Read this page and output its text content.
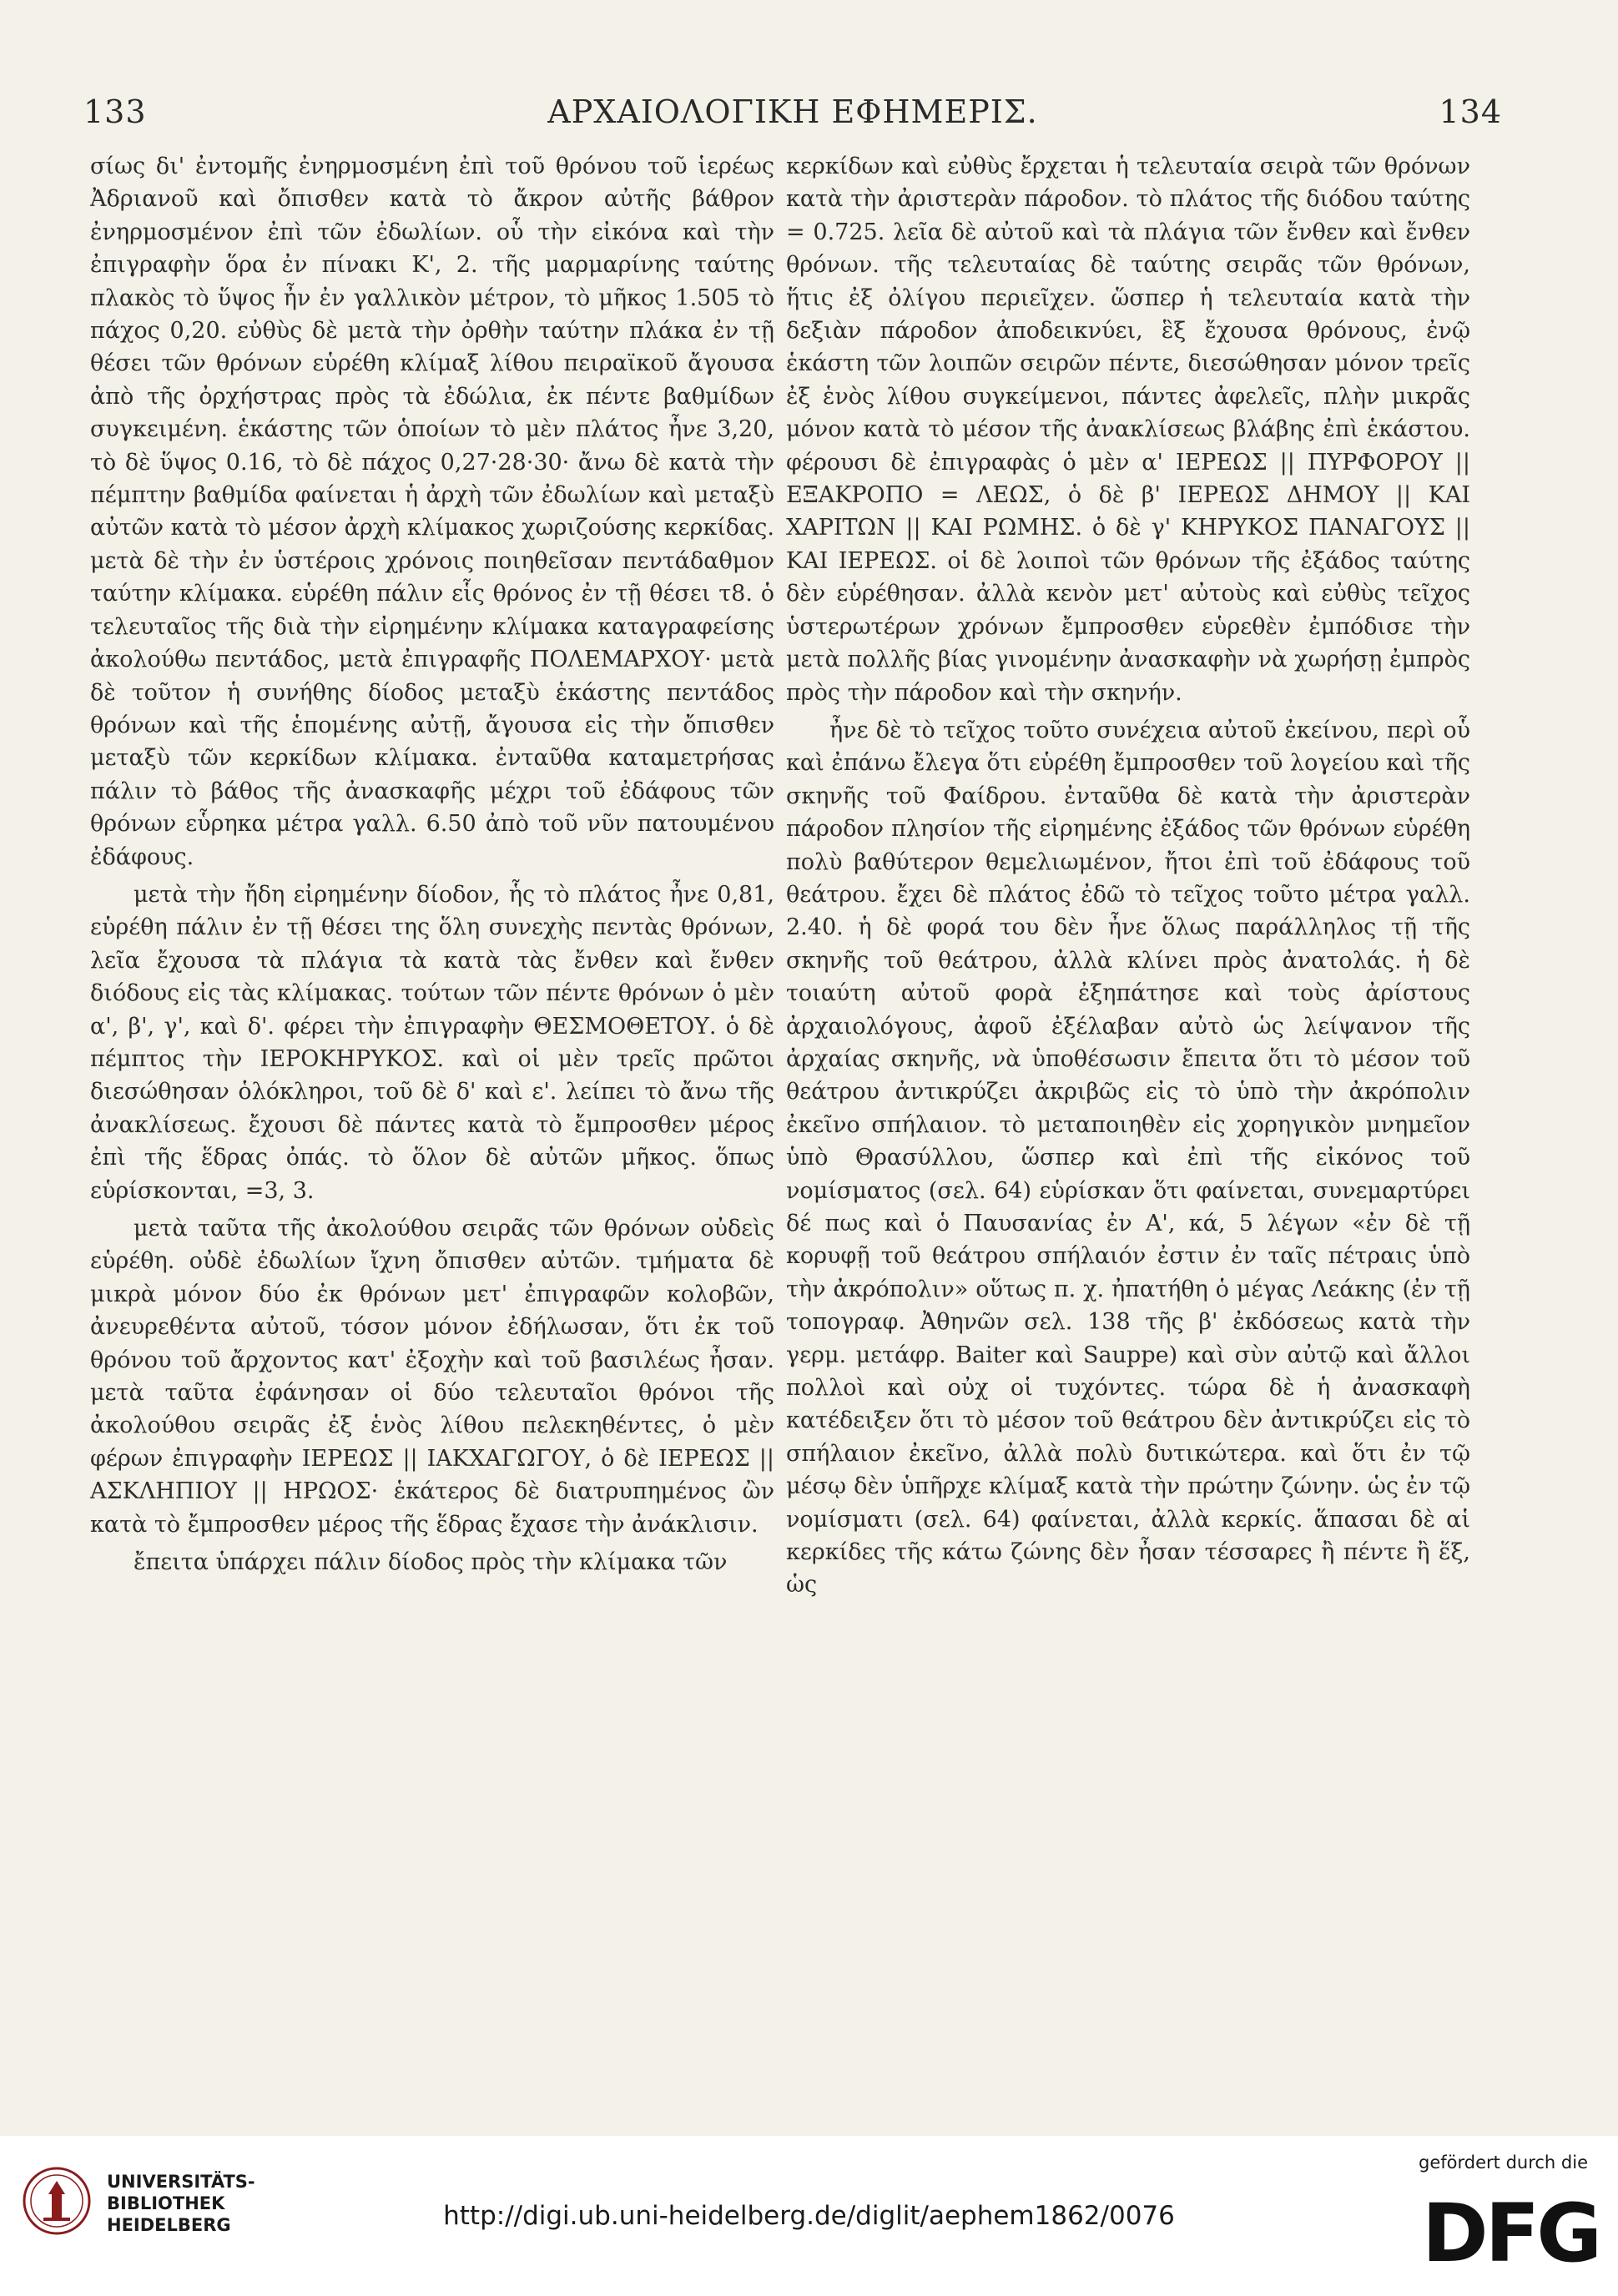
133	ΑΡΧΑΙΟΛΟΓΙΚΗ ΕΦΗΜΕΡΙΣ.	134

σίως δι' ἐντομῆς ἐνηρμοσμένη ἐπὶ τοῦ θρόνου τοῦ ἱερέως Ἀδριανοῦ καὶ ὄπισθεν κατὰ τὸ ἄκρον αὐτῆς βάθρον ἐνηρμοσμένον ἐπὶ τῶν ἐδωλίων. οὗ τὴν εἰκόνα καὶ τὴν ἐπιγραφὴν ὅρα ἐν πίνακι Κ', 2. τῆς μαρμαρίνης ταύτης πλακὸς τὸ ὕψος ἦν ἐν γαλλικὸν μέτρον, τὸ μῆκος 1.505 τὸ πάχος 0,20. εὐθὺς δὲ μετὰ τὴν ὀρθὴν ταύτην πλάκα ἐν τῇ θέσει τῶν θρόνων εὑρέθη κλίμαξ λίθου πειραϊκοῦ ἄγουσα ἀπὸ τῆς ὀρχήστρας πρὸς τὰ ἐδώλια, ἐκ πέντε βαθμίδων συγκειμένη. ἑκάστης τῶν ὁποίων τὸ μὲν πλάτος ἦνε 3,20, τὸ δὲ ὕψος 0.16, τὸ δὲ πάχος 0,27·28·30· ἄνω δὲ κατὰ τὴν πέμπτην βαθμίδα φαίνεται ἡ ἀρχὴ τῶν ἐδωλίων καὶ μεταξὺ αὐτῶν κατὰ τὸ μέσον ἀρχὴ κλίμακος χωριζούσης κερκίδας. μετὰ δὲ τὴν ἐν ὑστέροις χρόνοις ποιηθεῖσαν πεντάδαθμον ταύτην κλίμακα. εὑρέθη πάλιν εἷς θρόνος ἐν τῇ θέσει τ8. ὁ τελευταῖος τῆς διὰ τὴν εἰρημένην κλίμακα καταγραφείσης ἀκολούθω πεντάδος, μετὰ ἐπιγραφῆς ΠΟΛΕΜΑΡΧΟΥ· μετὰ δὲ τοῦτον ἡ συνήθης δίοδος μεταξὺ ἑκάστης πεντάδος θρόνων καὶ τῆς ἑπομένης αὐτῇ, ἄγουσα εἰς τὴν ὄπισθεν μεταξὺ τῶν κερκίδων κλίμακα. ἐνταῦθα καταμετρήσας πάλιν τὸ βάθος τῆς ἀνασκαφῆς μέχρι τοῦ ἐδάφους τῶν θρόνων εὗρηκα μέτρα γαλλ. 6.50 ἀπὸ τοῦ νῦν πατουμένου ἐδάφους.

μετὰ τὴν ἤδη εἰρημένην δίοδον, ἧς τὸ πλάτος ἦνε 0,81, εὑρέθη πάλιν ἐν τῇ θέσει της ὅλη συνεχὴς πεντὰς θρόνων, λεῖα ἔχουσα τὰ πλάγια τὰ κατὰ τὰς ἔνθεν καὶ ἔνθεν διόδους εἰς τὰς κλίμακας. τούτων τῶν πέντε θρόνων ὁ μὲν α', β', γ', καὶ δ'. φέρει τὴν ἐπιγραφὴν ΘΕΣΜΟΘΕΤΟΥ. ὁ δὲ πέμπτος τὴν ΙΕΡΟΚΗΡΥΚΟΣ. καὶ οἱ μὲν τρεῖς πρῶτοι διεσώθησαν ὁλόκληροι, τοῦ δὲ δ' καὶ ε'. λείπει τὸ ἄνω τῆς ἀνακλίσεως. ἔχουσι δὲ πάντες κατὰ τὸ ἔμπροσθεν μέρος ἐπὶ τῆς ἕδρας ὀπάς. τὸ ὅλον δὲ αὐτῶν μῆκος. ὅπως εὑρίσκονται, =3, 3.

μετὰ ταῦτα τῆς ἀκολούθου σειρᾶς τῶν θρόνων οὐδεὶς εὑρέθη. οὐδὲ ἐδωλίων ἴχνη ὄπισθεν αὐτῶν. τμήματα δὲ μικρὰ μόνον δύο ἐκ θρόνων μετ' ἐπιγραφῶν κολοβῶν, ἀνευρεθέντα αὐτοῦ, τόσον μόνον ἐδήλωσαν, ὅτι ἐκ τοῦ θρόνου τοῦ ἄρχοντος κατ' ἐξοχὴν καὶ τοῦ βασιλέως ἦσαν. μετὰ ταῦτα ἐφάνησαν οἱ δύο τελευταῖοι θρόνοι τῆς ἀκολούθου σειρᾶς ἐξ ἑνὸς λίθου πελεκηθέντες, ὁ μὲν φέρων ἐπιγραφὴν ΙΕΡΕΩΣ || ΙΑΚΧΑΓΩΓΟΥ, ὁ δὲ ΙΕΡΕΩΣ || ΑΣΚΛΗΠΙΟΥ || ΗΡΩΟΣ· ἑκάτερος δὲ διατρυπημένος ὢν κατὰ τὸ ἔμπροσθεν μέρος τῆς ἕδρας ἔχασε τὴν ἀνάκλισιν.

ἔπειτα ὑπάρχει πάλιν δίοδος πρὸς τὴν κλίμακα τῶν

κερκίδων καὶ εὐθὺς ἔρχεται ἡ τελευταία σειρὰ τῶν θρόνων κατὰ τὴν ἀριστερὰν πάροδον. τὸ πλάτος τῆς διόδου ταύτης = 0.725. λεῖα δὲ αὐτοῦ καὶ τὰ πλάγια τῶν ἔνθεν καὶ ἔνθεν θρόνων. τῆς τελευταίας δὲ ταύτης σειρᾶς τῶν θρόνων, ἥτις ἐξ ὀλίγου περιεῖχεν. ὥσπερ ἡ τελευταία κατὰ τὴν δεξιὰν πάροδον ἀποδεικνύει, ἓξ ἔχουσα θρόνους, ἐνῷ ἑκάστη τῶν λοιπῶν σειρῶν πέντε, διεσώθησαν μόνον τρεῖς ἐξ ἑνὸς λίθου συγκείμενοι, πάντες ἀφελεῖς, πλὴν μικρᾶς μόνον κατὰ τὸ μέσον τῆς ἀνακλίσεως βλάβης ἐπὶ ἑκάστου. φέρουσι δὲ ἐπιγραφὰς ὁ μὲν α' ΙΕΡΕΩΣ || ΠΥΡΦΟΡΟΥ || ΕΞΑΚΡΟΠΟ = ΛΕΩΣ, ὁ δὲ β' ΙΕΡΕΩΣ ΔΗΜΟΥ || ΚΑΙ ΧΑΡΙΤΩΝ || ΚΑΙ ΡΩΜΗΣ. ὁ δὲ γ' ΚΗΡΥΚΟΣ ΠΑΝΑΓΟΥΣ || ΚΑΙ ΙΕΡΕΩΣ. οἱ δὲ λοιποὶ τῶν θρόνων τῆς ἐξάδος ταύτης δὲν εὑρέθησαν. ἀλλὰ κενὸν μετ' αὐτοὺς καὶ εὐθὺς τεῖχος ὑστερωτέρων χρόνων ἔμπροσθεν εὑρεθὲν ἐμπόδισε τὴν μετὰ πολλῆς βίας γινομένην ἀνασκαφὴν νὰ χωρήσῃ ἐμπρὸς πρὸς τὴν πάροδον καὶ τὴν σκηνήν.

ἦνε δὲ τὸ τεῖχος τοῦτο συνέχεια αὐτοῦ ἐκείνου, περὶ οὗ καὶ ἐπάνω ἔλεγα ὅτι εὑρέθη ἔμπροσθεν τοῦ λογείου καὶ τῆς σκηνῆς τοῦ Φαίδρου. ἐνταῦθα δὲ κατὰ τὴν ἀριστερὰν πάροδον πλησίον τῆς εἰρημένης ἐξάδος τῶν θρόνων εὑρέθη πολὺ βαθύτερον θεμελιωμένον, ἤτοι ἐπὶ τοῦ ἐδάφους τοῦ θεάτρου. ἔχει δὲ πλάτος ἐδῶ τὸ τεῖχος τοῦτο μέτρα γαλλ. 2.40. ἡ δὲ φορά του δὲν ἦνε ὅλως παράλληλος τῇ τῆς σκηνῆς τοῦ θεάτρου, ἀλλὰ κλίνει πρὸς ἀνατολάς. ἡ δὲ τοιαύτη αὐτοῦ φορὰ ἐξηπάτησε καὶ τοὺς ἀρίστους ἀρχαιολόγους, ἀφοῦ ἐξέλαβαν αὐτὸ ὡς λείψανον τῆς ἀρχαίας σκηνῆς, νὰ ὑποθέσωσιν ἔπειτα ὅτι τὸ μέσον τοῦ θεάτρου ἀντικρύζει ἀκριβῶς εἰς τὸ ὑπὸ τὴν ἀκρόπολιν ἐκεῖνο σπήλαιον. τὸ μεταποιηθὲν εἰς χορηγικὸν μνημεῖον ὑπὸ Θρασύλλου, ὥσπερ καὶ ἐπὶ τῆς εἰκόνος τοῦ νομίσματος (σελ. 64) εὑρίσκαν ὅτι φαίνεται, συνεμαρτύρει δέ πως καὶ ὁ Παυσανίας ἐν Α', κά, 5 λέγων «ἐν δὲ τῇ κορυφῇ τοῦ θεάτρου σπήλαιόν ἐστιν ἐν ταῖς πέτραις ὑπὸ τὴν ἀκρόπολιν» οὕτως π. χ. ἠπατήθη ὁ μέγας Λεάκης (ἐν τῇ τοπογραφ. Ἀθηνῶν σελ. 138 τῆς β' ἐκδόσεως κατὰ τὴν γερμ. μετάφρ. Baiter καὶ Sauppe) καὶ σὺν αὐτῷ καὶ ἄλλοι πολλοὶ καὶ οὐχ οἱ τυχόντες. τώρα δὲ ἡ ἀνασκαφὴ κατέδειξεν ὅτι τὸ μέσον τοῦ θεάτρου δὲν ἀντικρύζει εἰς τὸ σπήλαιον ἐκεῖνο, ἀλλὰ πολὺ δυτικώτερα. καὶ ὅτι ἐν τῷ μέσῳ δὲν ὑπῆρχε κλίμαξ κατὰ τὴν πρώτην ζώνην. ὡς ἐν τῷ νομίσματι (σελ. 64) φαίνεται, ἀλλὰ κερκίς. ἅπασαι δὲ αἱ κερκίδες τῆς κάτω ζώνης δὲν ἦσαν τέσσαρες ἢ πέντε ἢ ἕξ, ὡς

UNIVERSITÄTS-
BIBLIOTHEK
HEIDELBERG	http://digi.ub.uni-heidelberg.de/diglit/aephem1862/0076
gefördert durch die
DFG
